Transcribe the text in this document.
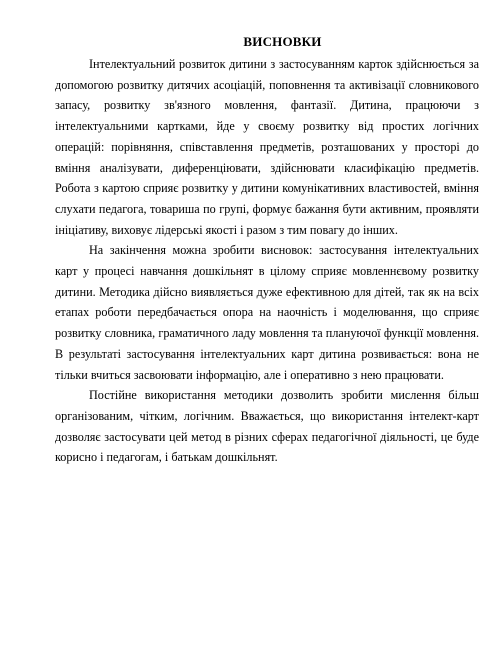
ВИСНОВКИ

Інтелектуальний розвиток дитини з застосуванням карток здійснюється за допомогою розвитку дитячих асоціацій, поповнення та активізації словникового запасу, розвитку зв'язного мовлення, фантазії. Дитина, працюючи з інтелектуальними картками, йде у своєму розвитку від простих логічних операцій: порівняння, співставлення предметів, розташованих у просторі до вміння аналізувати, диференціювати, здійснювати класифікацію предметів. Робота з картою сприяє розвитку у дитини комунікативних властивостей, вміння слухати педагога, товариша по групі, формує бажання бути активним, проявляти ініціативу, виховує лідерські якості і разом з тим повагу до інших.

На закінчення можна зробити висновок: застосування інтелектуальних карт у процесі навчання дошкільнят в цілому сприяє мовленнєвому розвитку дитини. Методика дійсно виявляється дуже ефективною для дітей, так як на всіх етапах роботи передбачається опора на наочність і моделювання, що сприяє розвитку словника, граматичного ладу мовлення та плануючої функції мовлення. В результаті застосування інтелектуальних карт дитина розвивається: вона не тільки вчиться засвоювати інформацію, але і оперативно з нею працювати.

Постійне використання методики дозволить зробити мислення більш організованим, чітким, логічним. Вважається, що використання інтелект-карт дозволяє застосувати цей метод в різних сферах педагогічної діяльності, це буде корисно і педагогам, і батькам дошкільнят.
